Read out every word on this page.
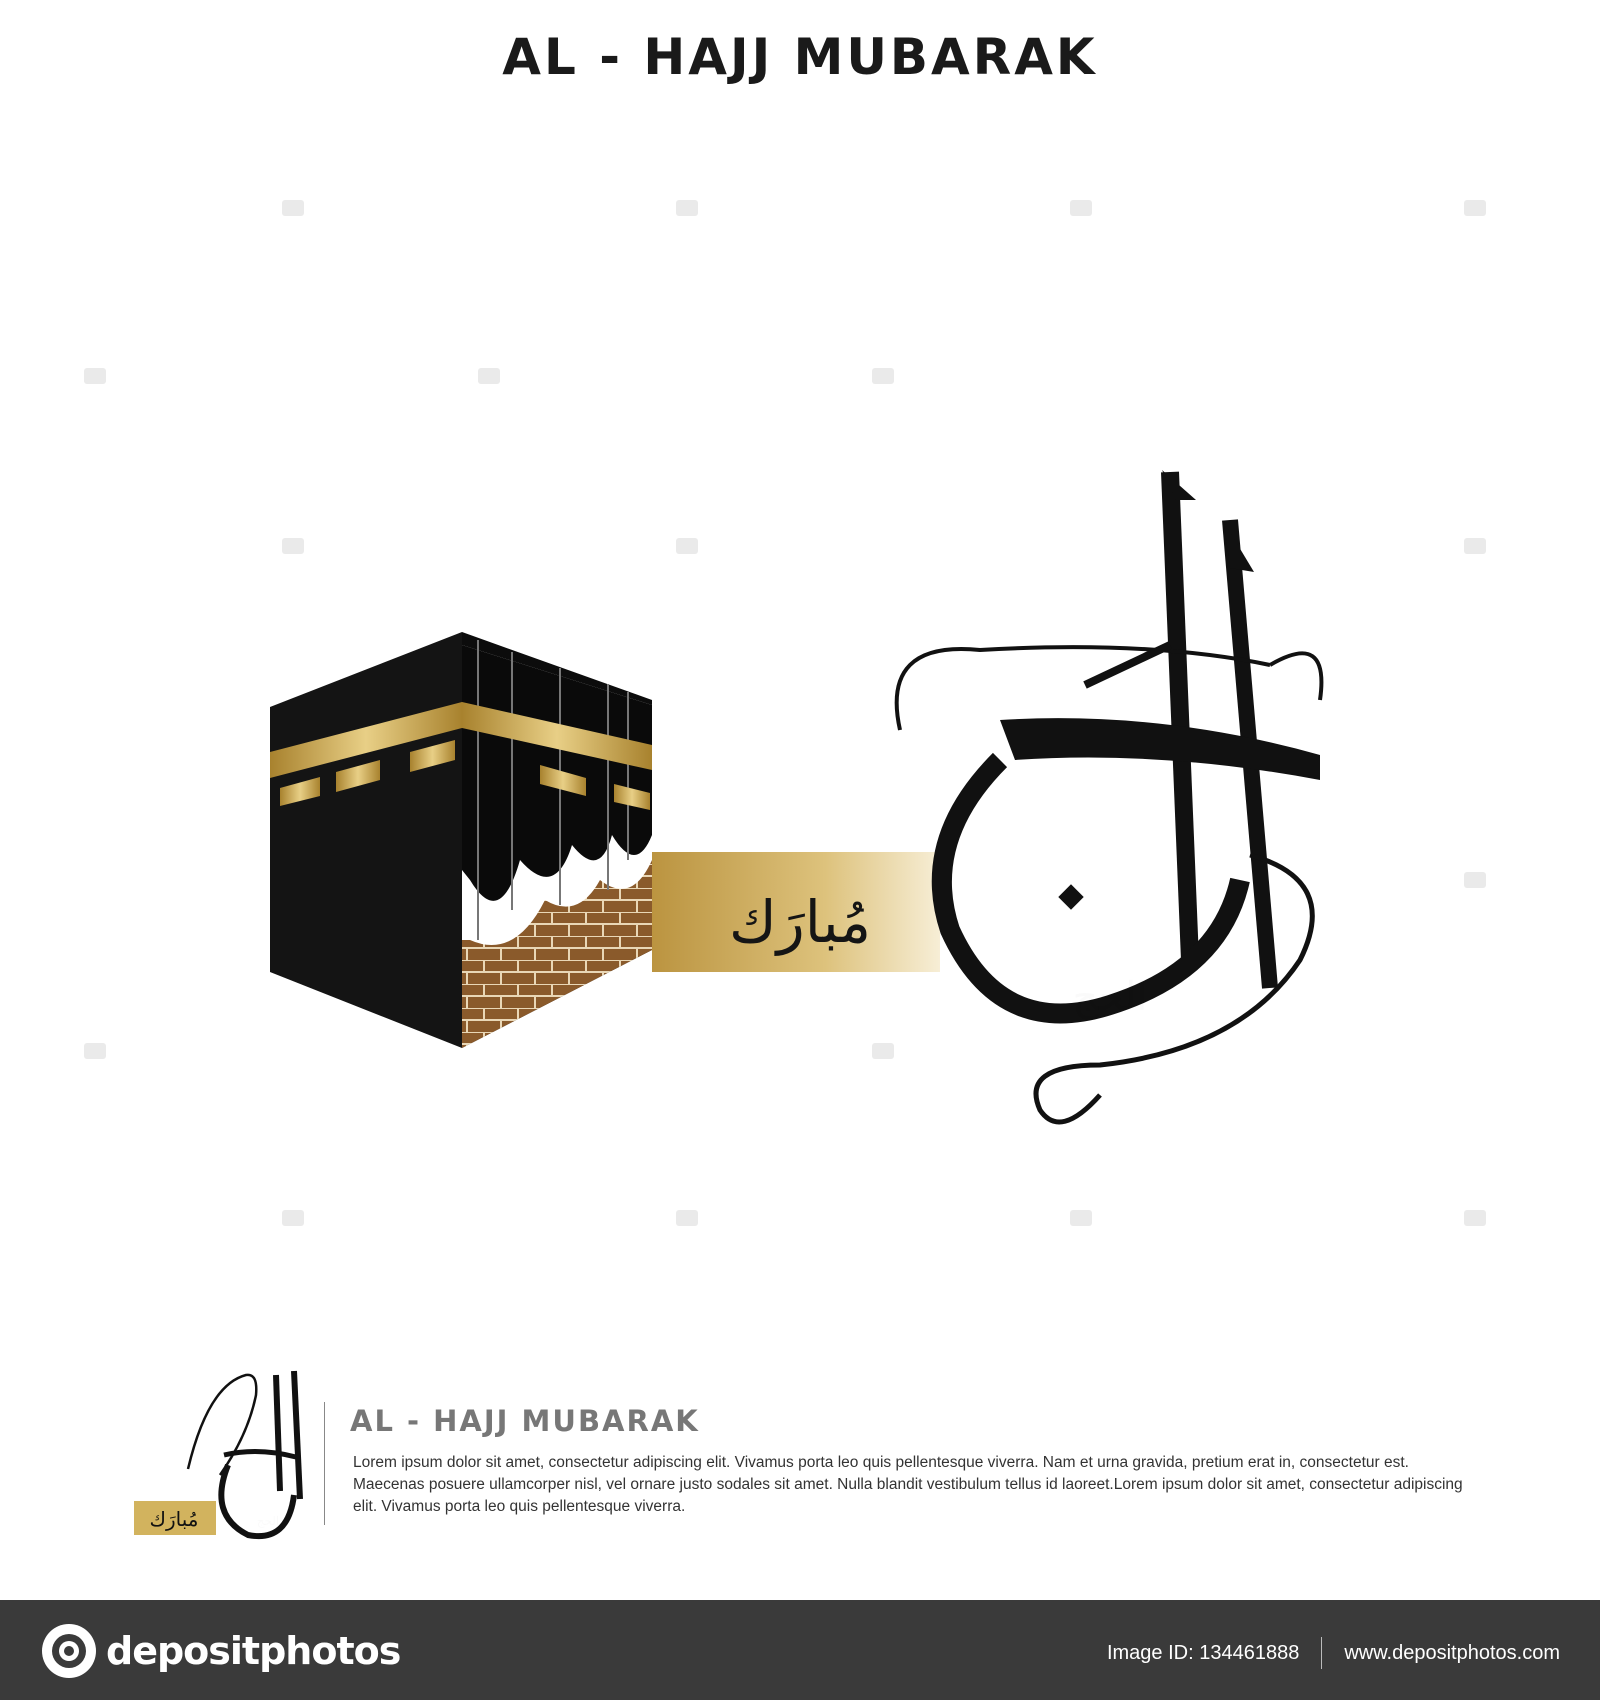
AL - HAJJ MUBARAK
مُبارَك
الحج
مُبارَك	الحج
AL - HAJJ MUBARAK
Lorem ipsum dolor sit amet, consectetur adipiscing elit. Vivamus porta leo quis pellentesque viverra. Nam et urna gravida, pretium erat in, consectetur est. Maecenas posuere ullamcorper nisl, vel ornare justo sodales sit amet. Nulla blandit vestibulum tellus id laoreet.Lorem ipsum dolor sit amet, consectetur adipiscing elit. Vivamus porta leo quis pellentesque viverra.
depositphotos	Image ID: 134461888 www.depositphotos.com
